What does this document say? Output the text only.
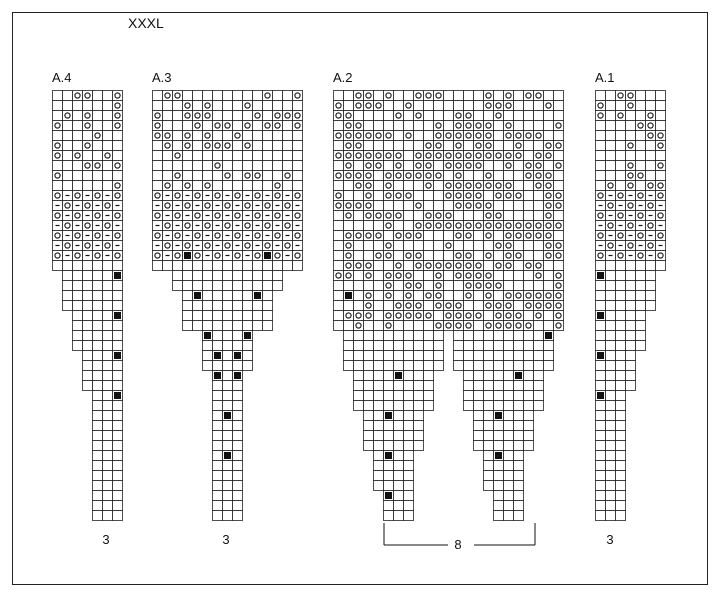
XXXL
A.4	A.3	A.2	A.1
3	3	8	3
